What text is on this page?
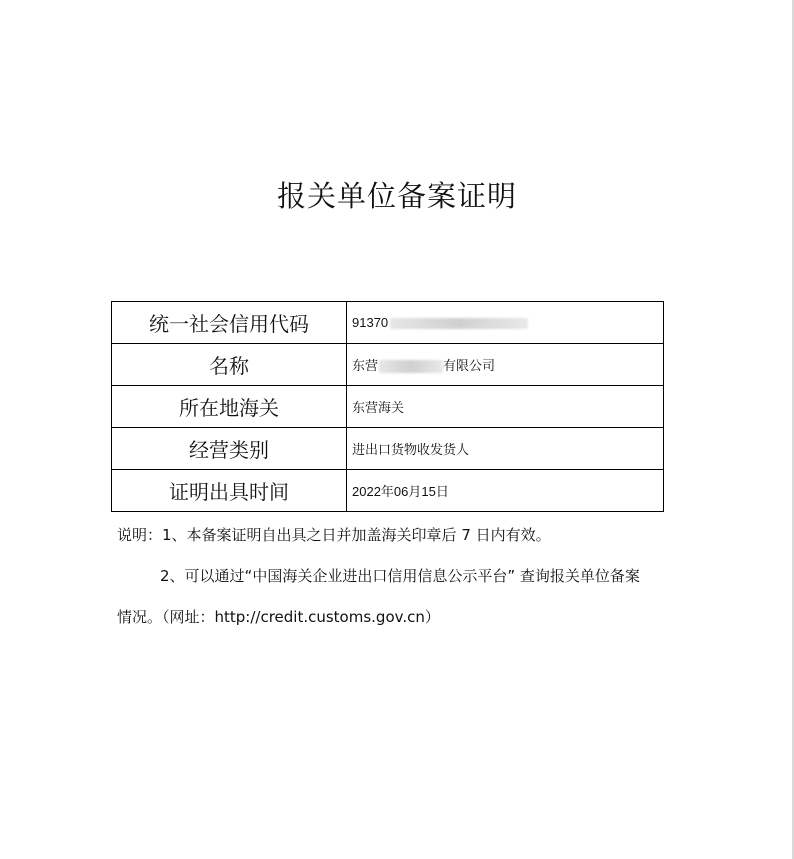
报关单位备案证明
统一社会信用代码	91370
名称	东营 有限公司
所在地海关	东营海关
经营类别	进出口货物收发货人
证明出具时间	2022年06月15日
说明：1、本备案证明自出具之日并加盖海关印章后 7 日内有效。
2、可以通过“中国海关企业进出口信用信息公示平台” 查询报关单位备案
情况。（网址：http://credit.customs.gov.cn）
